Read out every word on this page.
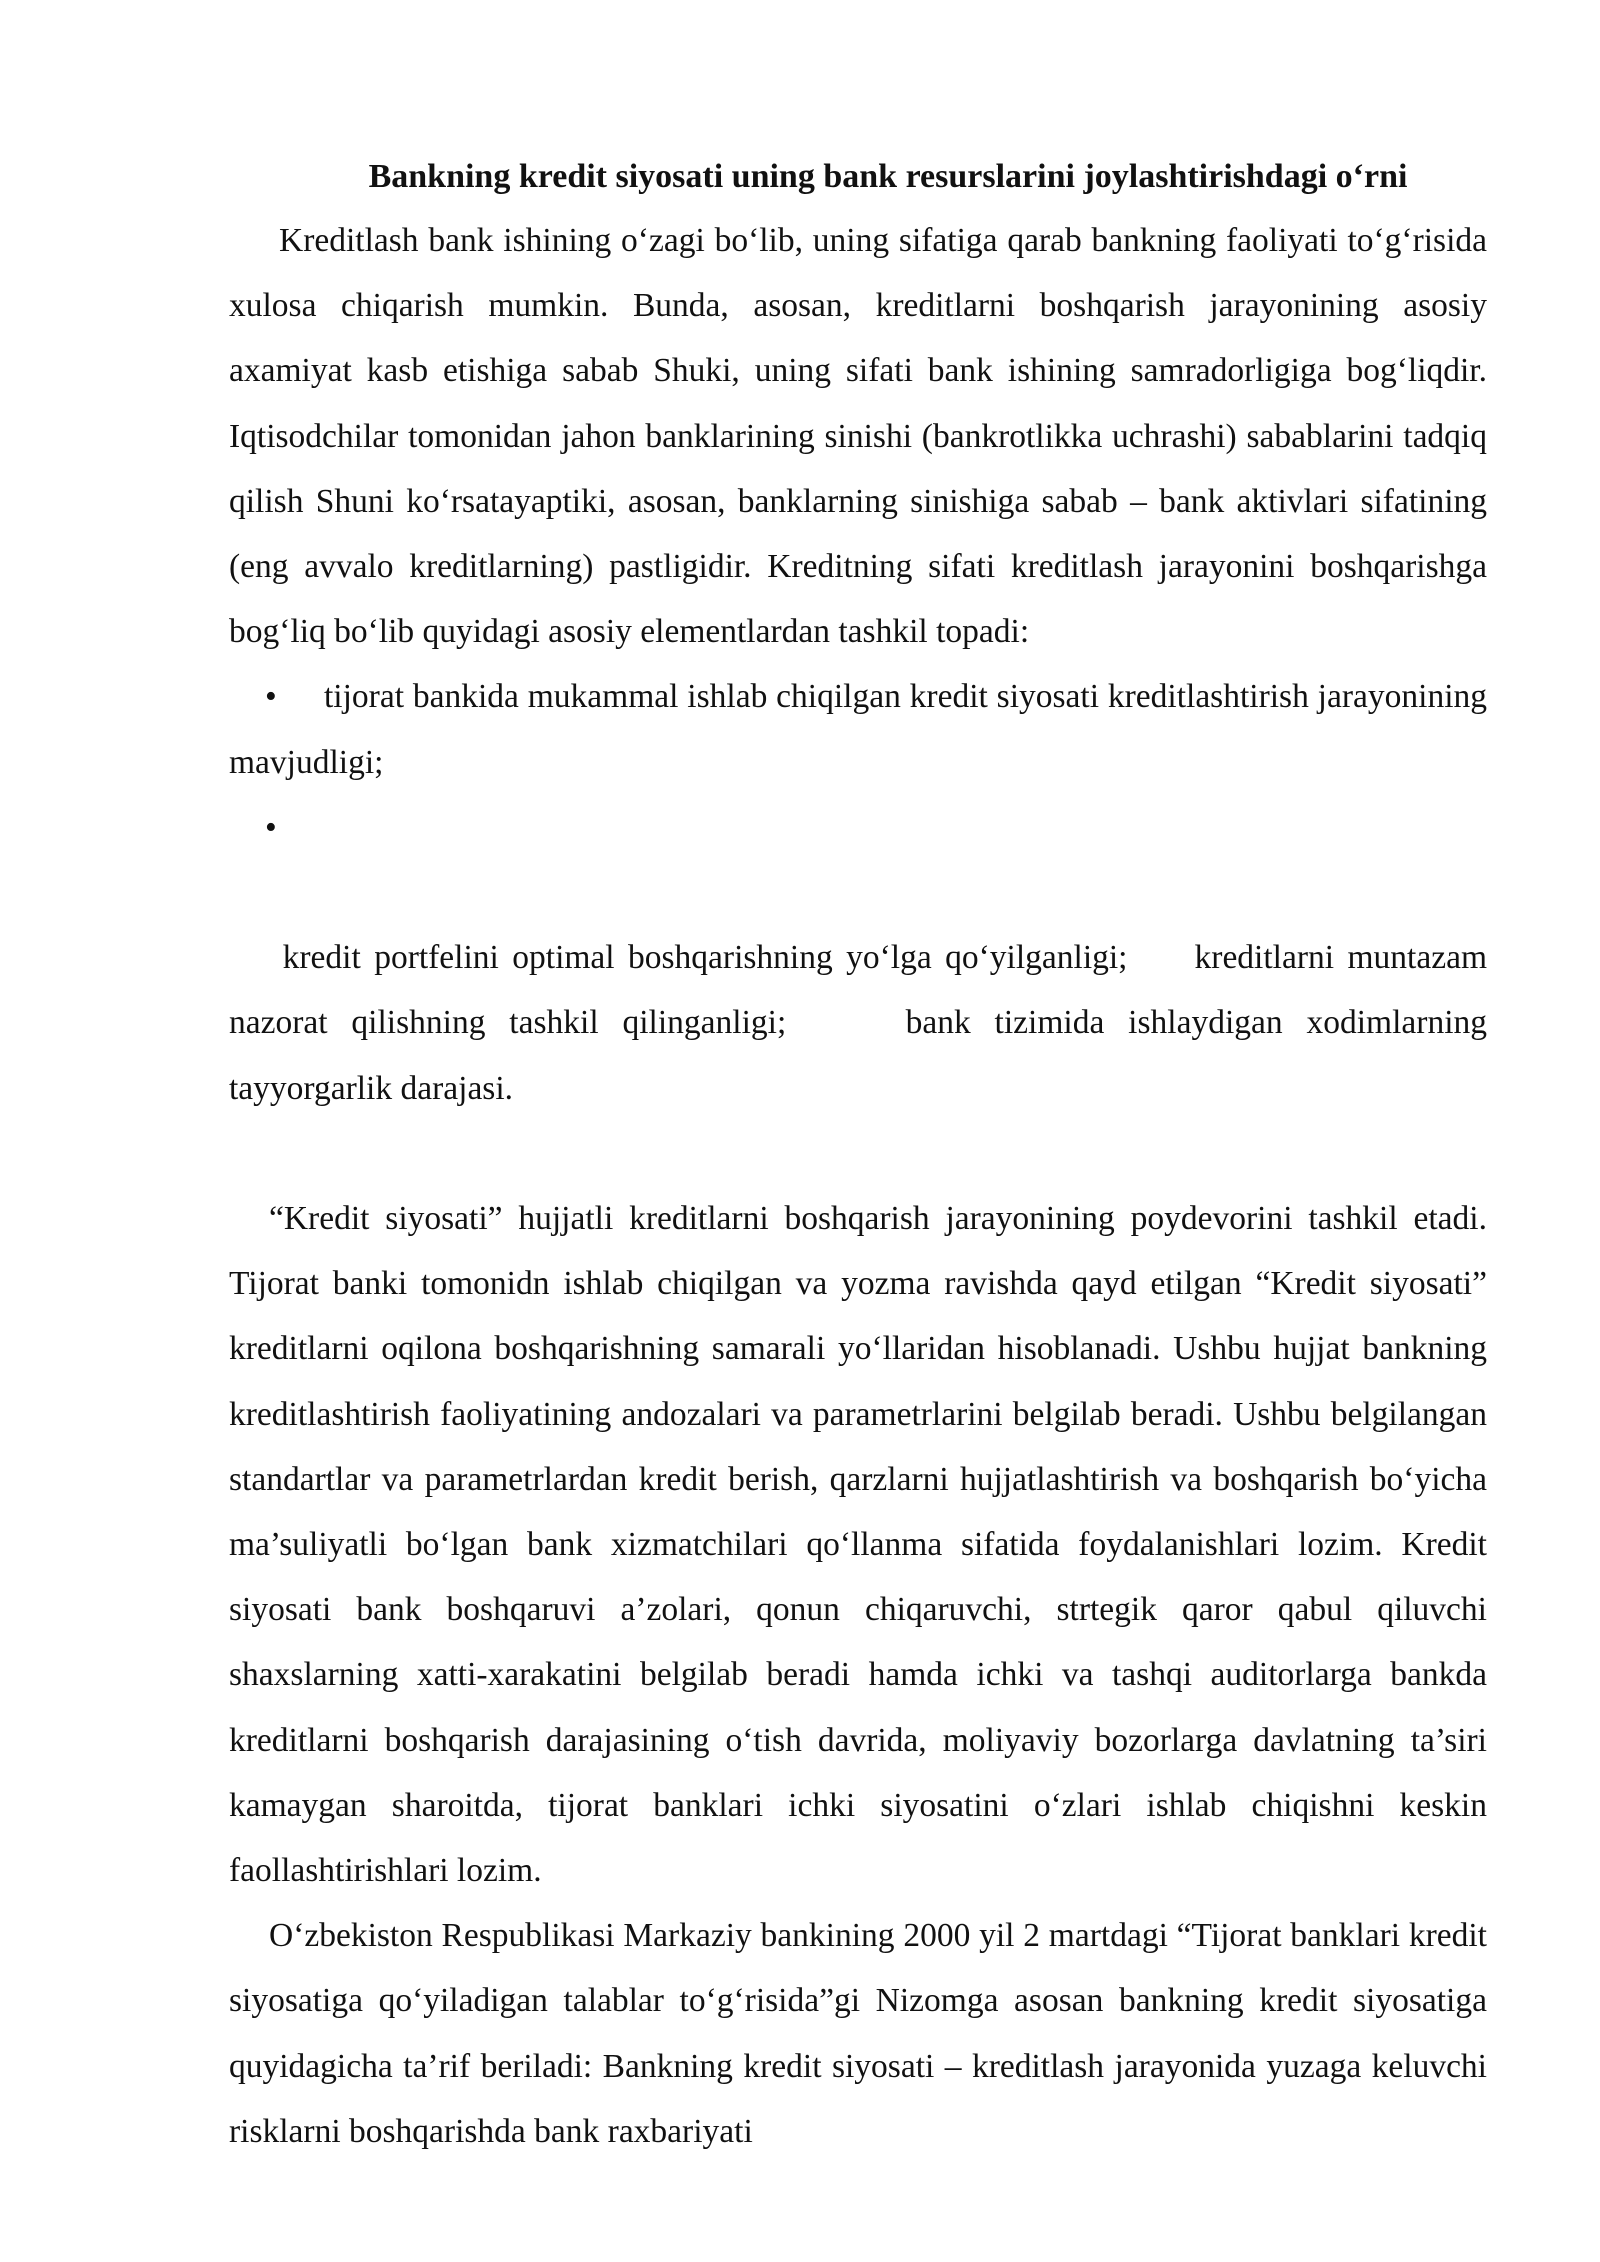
Bankning kredit siyosati uning bank resurslarini joylashtirishdagi o‘rni

Kreditlash bank ishining o‘zagi bo‘lib, uning sifatiga qarab bankning faoliyati to‘g‘risida xulosa chiqarish mumkin. Bunda, asosan, kreditlarni boshqarish jarayonining asosiy axamiyat kasb etishiga sabab Shuki, uning sifati bank ishining samradorligiga bog‘liqdir. Iqtisodchilar tomonidan jahon banklarining sinishi (bankrotlikka uchrashi) sabablarini tadqiq qilish Shuni ko‘rsatayaptiki, asosan, banklarning sinishiga sabab – bank aktivlari sifatining (eng avvalo kreditlarning) pastligidir. Kreditning sifati kreditlash jarayonini boshqarishga bog‘liq bo‘lib quyidagi asosiy elementlardan tashkil topadi:

• tijorat bankida mukammal ishlab chiqilgan kredit siyosati kreditlashtirish jarayonining mavjudligi;

•

kredit portfelini optimal boshqarishning yo‘lga qo‘yilganligi;     kreditlarni muntazam nazorat qilishning tashkil qilinganligi;     bank tizimida ishlaydigan xodimlarning tayyorgarlik darajasi.

“Kredit siyosati” hujjatli kreditlarni boshqarish jarayonining poydevorini tashkil etadi. Tijorat banki tomonidn ishlab chiqilgan va yozma ravishda qayd etilgan “Kredit siyosati” kreditlarni oqilona boshqarishning samarali yo‘llaridan hisoblanadi. Ushbu hujjat bankning kreditlashtirish faoliyatining andozalari va parametrlarini belgilab beradi. Ushbu belgilangan standartlar va parametrlardan kredit berish, qarzlarni hujjatlashtirish va boshqarish bo‘yicha ma’suliyatli bo‘lgan bank xizmatchilari qo‘llanma sifatida foydalanishlari lozim. Kredit siyosati bank boshqaruvi a’zolari, qonun chiqaruvchi, strtegik qaror qabul qiluvchi shaxslarning xatti-xarakatini belgilab beradi hamda ichki va tashqi auditorlarga bankda kreditlarni boshqarish darajasining o‘tish davrida, moliyaviy bozorlarga davlatning ta’siri kamaygan sharoitda, tijorat banklari ichki siyosatini o‘zlari ishlab chiqishni keskin faollashtirishlari lozim.

O‘zbekiston Respublikasi Markaziy bankining 2000 yil 2 martdagi “Tijorat banklari kredit siyosatiga qo‘yiladigan talablar to‘g‘risida”gi Nizomga asosan bankning kredit siyosatiga quyidagicha ta’rif beriladi: Bankning kredit siyosati – kreditlash jarayonida yuzaga keluvchi risklarni boshqarishda bank raxbariyati
